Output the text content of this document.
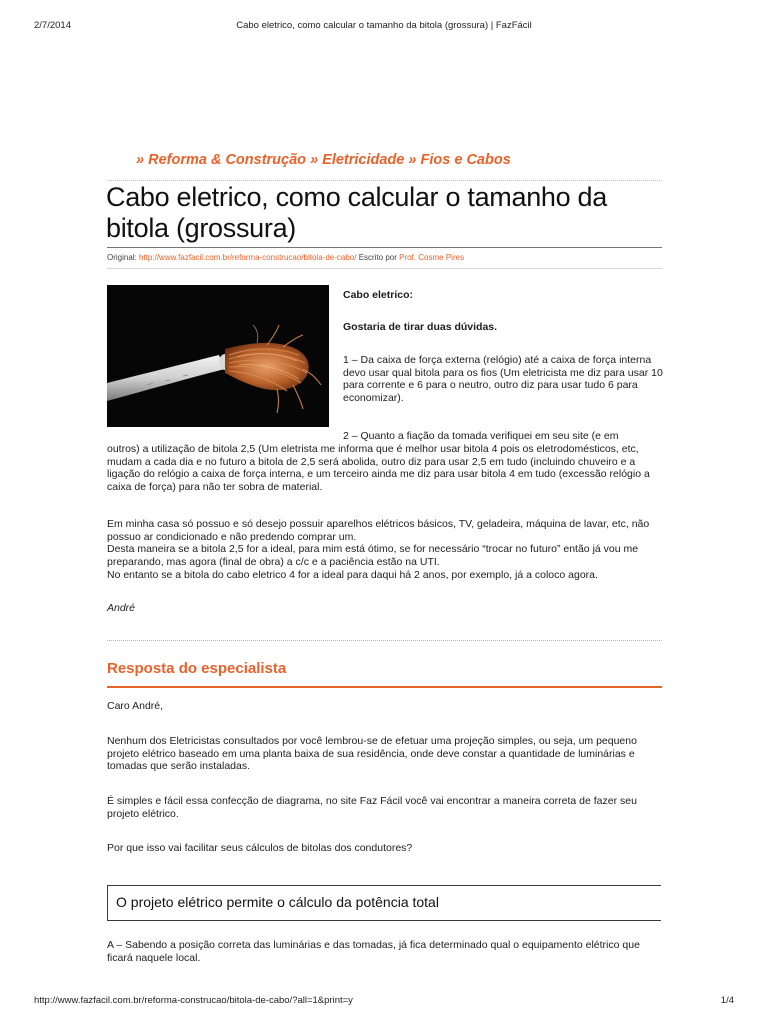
2/7/2014	Cabo eletrico, como calcular o tamanho da bitola (grossura) | FazFácil
» Reforma & Construção » Eletricidade » Fios e Cabos
Cabo eletrico, como calcular o tamanho da bitola (grossura)
Original: http://www.fazfacil.com.br/reforma-construcao/bitola-de-cabo/ Escrito por Prof. Cosme Pires
Cabo eletrico:
Gostaria de tirar duas dúvidas.
1 – Da caixa de força externa (relógio) até a caixa de força interna devo usar qual bitola para os fios (Um eletricista me diz para usar 10 para corrente e 6 para o neutro, outro diz para usar tudo 6 para economizar).
2 – Quanto a fiação da tomada verifiquei em seu site (e em
outros) a utilização de bitola 2,5 (Um eletrista me informa que é melhor usar bitola 4 pois os eletrodomésticos, etc, mudam a cada dia e no futuro a bitola de 2,5 será abolida, outro diz para usar 2,5 em tudo (incluindo chuveiro e a ligação do relógio a caixa de força interna, e um terceiro ainda me diz para usar bitola 4 em tudo (excessão relógio a caixa de força) para não ter sobra de material.
Em minha casa só possuo e só desejo possuir aparelhos elétricos básicos, TV, geladeira, máquina de lavar, etc, não possuo ar condicionado e não predendo comprar um.
Desta maneira se a bitola 2,5 for a ideal, para mim está ótimo, se for necessário “trocar no futuro” então já vou me preparando, mas agora (final de obra) a c/c e a paciência estão na UTI.
No entanto se a bitola do cabo eletrico 4 for a ideal para daqui há 2 anos, por exemplo, já a coloco agora.
André
Resposta do especialista
Caro André,
Nenhum dos Eletricistas consultados por você lembrou-se de efetuar uma projeção simples, ou seja, um pequeno projeto elétrico baseado em uma planta baixa de sua residência, onde deve constar a quantidade de luminárias e tomadas que serão instaladas.
É simples e fácil essa confecção de diagrama, no site Faz Fácil você vai encontrar a maneira correta de fazer seu projeto elétrico.
Por que isso vai facilitar seus cálculos de bitolas dos condutores?
O projeto elétrico permite o cálculo da potência total
A – Sabendo a posição correta das luminárias e das tomadas, já fica determinado qual o equipamento elétrico que ficará naquele local.
http://www.fazfacil.com.br/reforma-construcao/bitola-de-cabo/?all=1&print=y	1/4
